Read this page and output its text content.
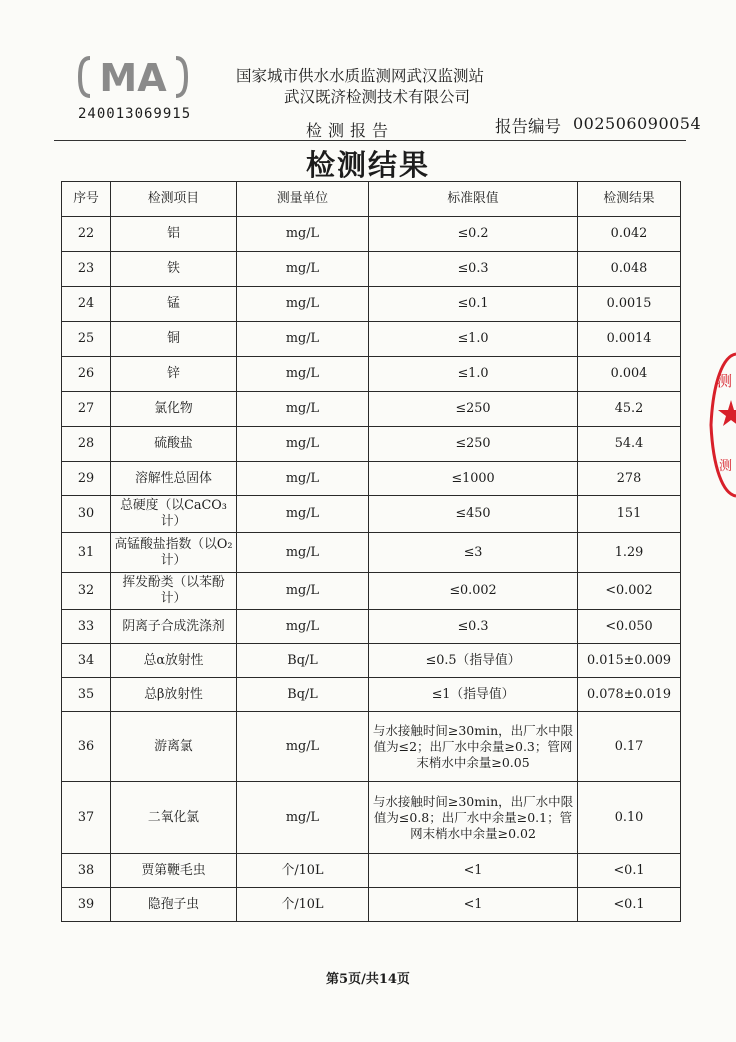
MA
240013069915
国家城市供水水质监测网武汉监测站
武汉既济检测技术有限公司
检测报告	报告编号 002506090054
检测结果
序号	检测项目	测量单位	标准限值	检测结果
22	铝	mg/L	≤0.2	0.042
23	铁	mg/L	≤0.3	0.048
24	锰	mg/L	≤0.1	0.0015
25	铜	mg/L	≤1.0	0.0014
26	锌	mg/L	≤1.0	0.004
27	氯化物	mg/L	≤250	45.2
28	硫酸盐	mg/L	≤250	54.4
29	溶解性总固体	mg/L	≤1000	278
30	总硬度（以CaCO₃计）	mg/L	≤450	151
31	高锰酸盐指数（以O₂计）	mg/L	≤3	1.29
32	挥发酚类（以苯酚计）	mg/L	≤0.002	<0.002
33	阴离子合成洗涤剂	mg/L	≤0.3	<0.050
34	总α放射性	Bq/L	≤0.5（指导值）	0.015±0.009
35	总β放射性	Bq/L	≤1（指导值）	0.078±0.019
36	游离氯	mg/L	与水接触时间≥30min，出厂水中限值为≤2；出厂水中余量≥0.3；管网末梢水中余量≥0.05	0.17
37	二氧化氯	mg/L	与水接触时间≥30min，出厂水中限值为≤0.8；出厂水中余量≥0.1；管网末梢水中余量≥0.02	0.10
38	贾第鞭毛虫	个/10L	<1	<0.1
39	隐孢子虫	个/10L	<1	<0.1
第5页/共14页
测
测
